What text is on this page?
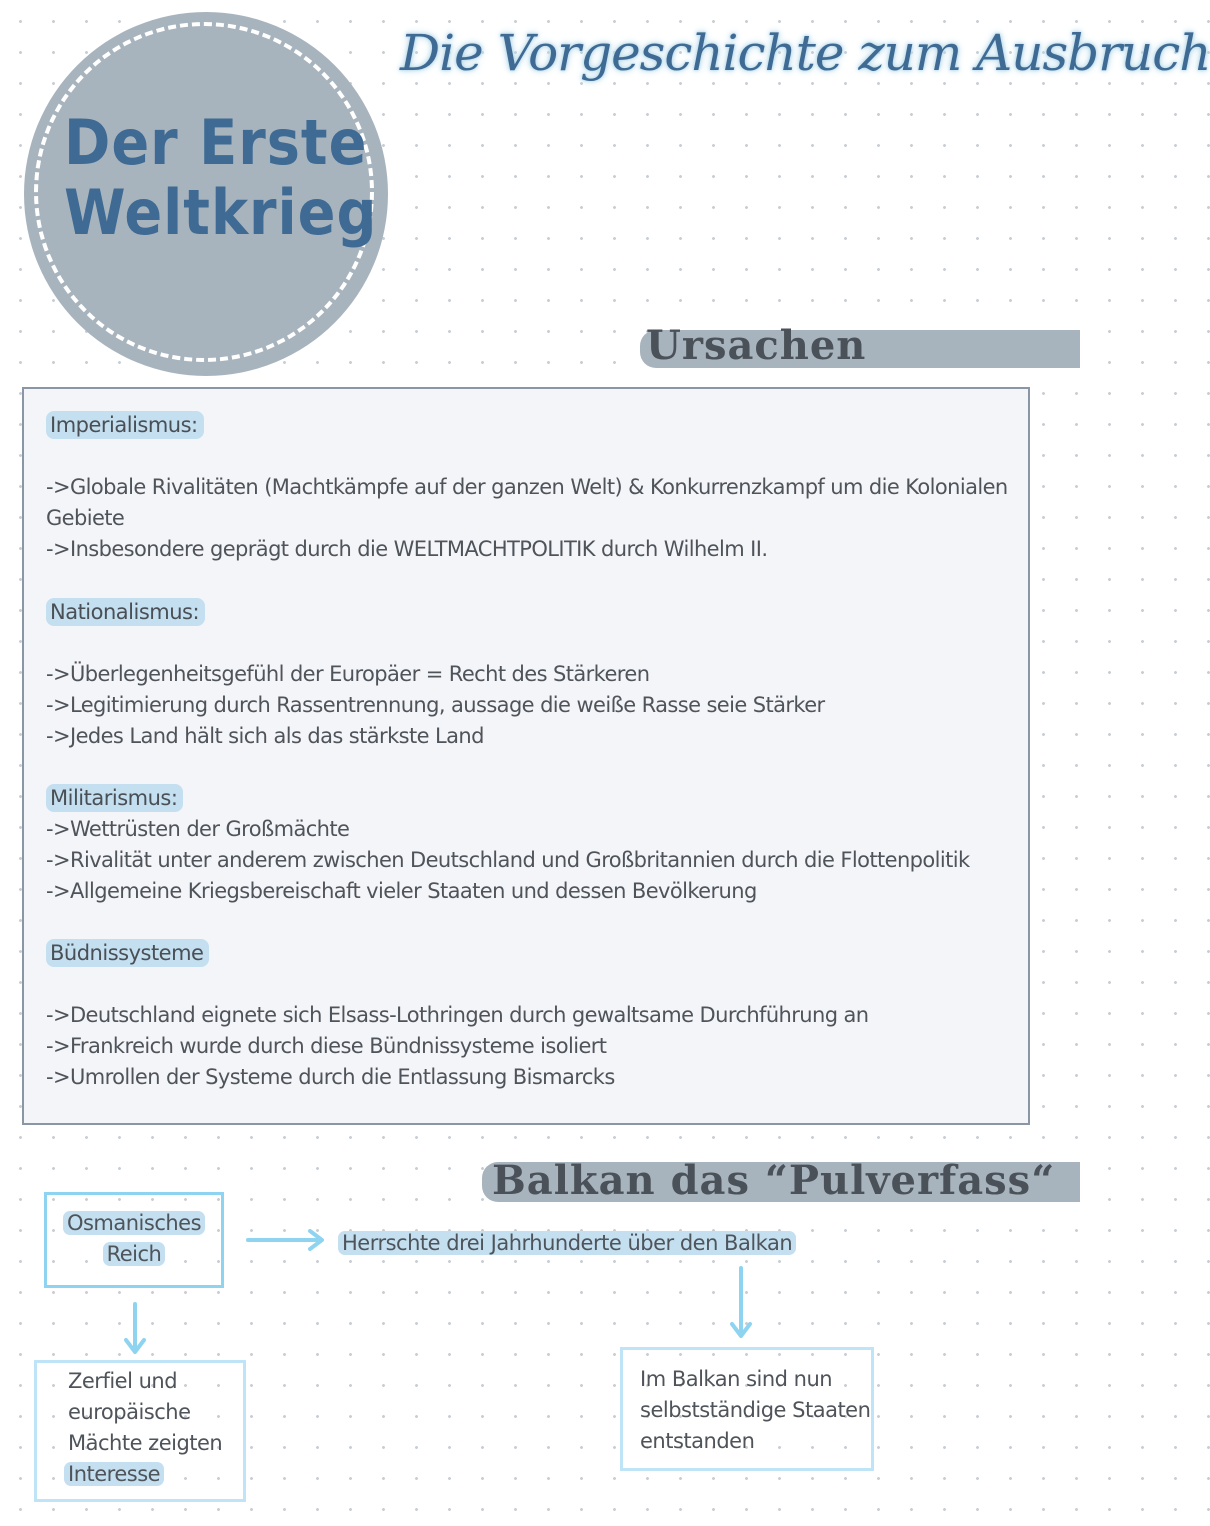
Der Erste
Weltkrieg
Die Vorgeschichte zum Ausbruch
Ursachen
Imperialismus:
->Globale Rivalitäten (Machtkämpfe auf der ganzen Welt) & Konkurrenzkampf um die Kolonialen
Gebiete
->Insbesondere geprägt durch die WELTMACHTPOLITIK durch Wilhelm II.
Nationalismus:
->Überlegenheitsgefühl der Europäer = Recht des Stärkeren
->Legitimierung durch Rassentrennung, aussage die weiße Rasse seie Stärker
->Jedes Land hält sich als das stärkste Land
Militarismus:
->Wettrüsten der Großmächte
->Rivalität unter anderem zwischen Deutschland und Großbritannien durch die Flottenpolitik
->Allgemeine Kriegsbereischaft vieler Staaten und dessen Bevölkerung
Büdnissysteme
->Deutschland eignete sich Elsass-Lothringen durch gewaltsame Durchführung an
->Frankreich wurde durch diese Bündnissysteme isoliert
->Umrollen der Systeme durch die Entlassung Bismarcks
Balkan das “Pulverfass“
Osmanisches
Reich	Herrschte drei Jahrhunderte über den Balkan
Zerfiel und
europäische
Mächte zeigten
Interesse
Im Balkan sind nun
selbstständige Staaten
entstanden
